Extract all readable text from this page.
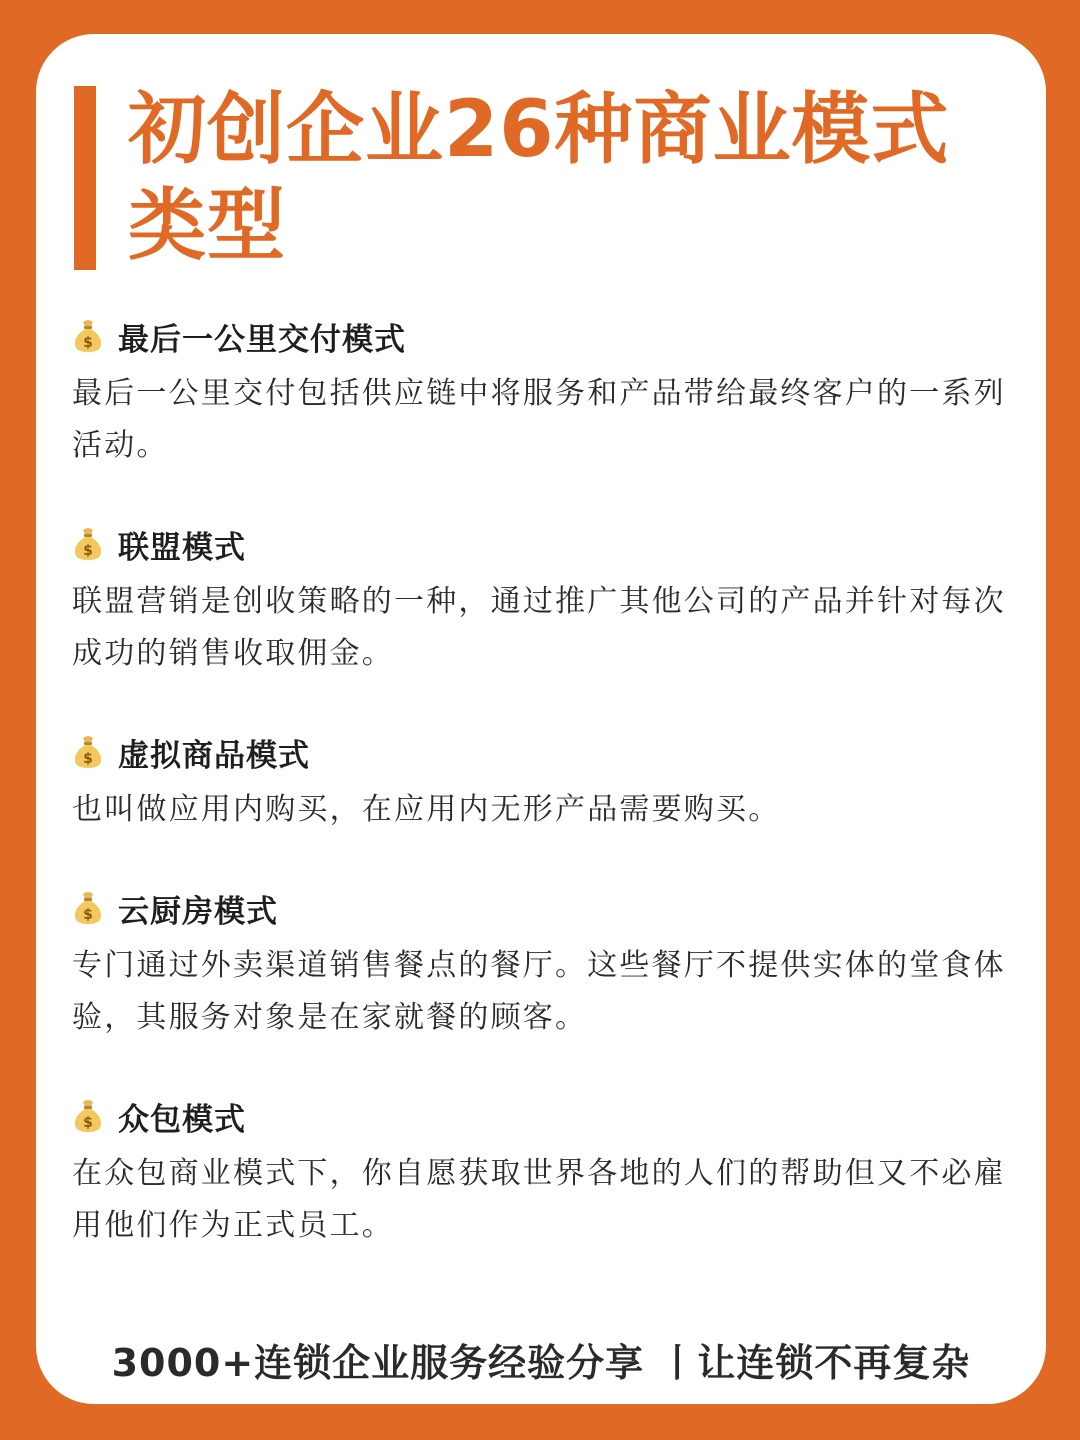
初创企业26种商业模式类型
$ 最后一公里交付模式

最后一公里交付包括供应链中将服务和产品带给最终客户的一系列活动。

$ 联盟模式

联盟营销是创收策略的一种，通过推广其他公司的产品并针对每次成功的销售收取佣金。

$ 虚拟商品模式

也叫做应用内购买，在应用内无形产品需要购买。

$ 云厨房模式

专门通过外卖渠道销售餐点的餐厅。这些餐厅不提供实体的堂食体验，其服务对象是在家就餐的顾客。

$ 众包模式

在众包商业模式下，你自愿获取世界各地的人们的帮助但又不必雇用他们作为正式员工。

3000+连锁企业服务经验分享 丨让连锁不再复杂
